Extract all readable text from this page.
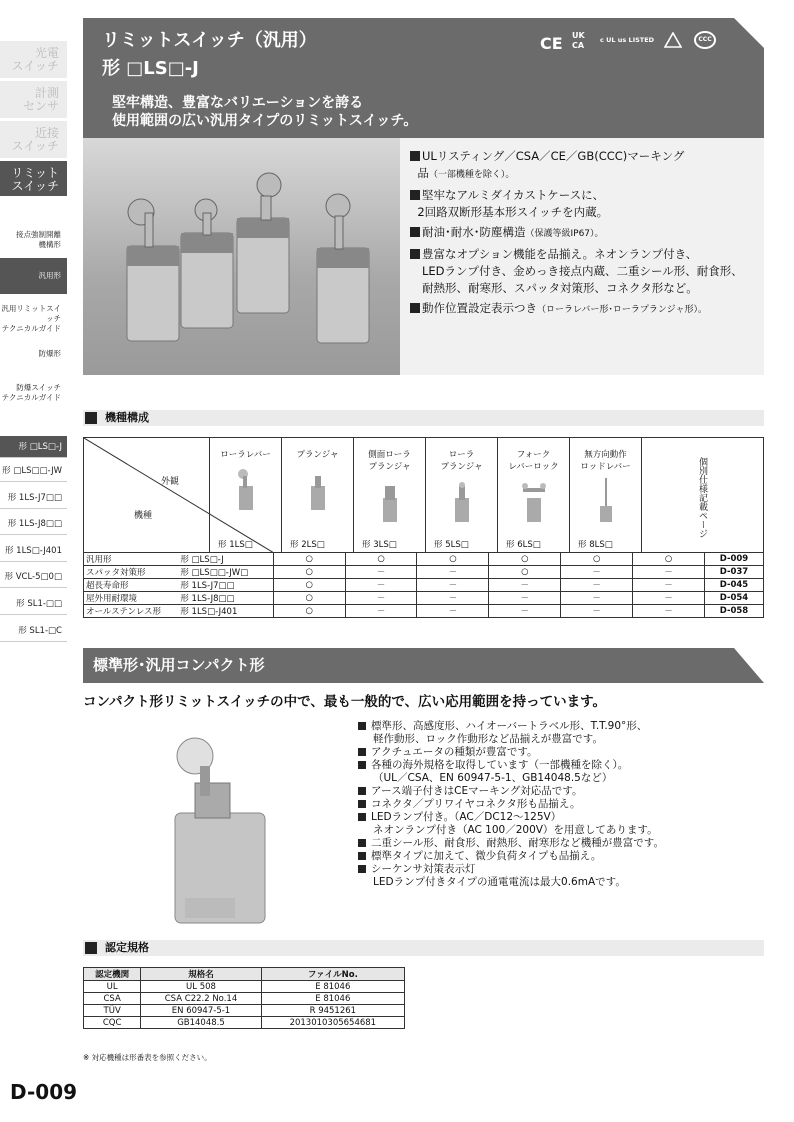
光電
スイッチ
計測
センサ
近接
スイッチ
リミット
スイッチ
接点強制開離
機構形
汎用形
汎用リミットスイッチ
テクニカルガイド
防爆形
防爆スイッチ
テクニカルガイド
形 □LS□-J
形 □LS□□-JW
形 1LS-J7□□
形 1LS-J8□□
形 1LS□-J401
形 VCL-5□0□
形 SL1-□□
形 SL1-□C
リミットスイッチ（汎用）
形 □LS□-J
堅牢構造、豊富なバリエーションを誇る
使用範囲の広い汎用タイプのリミットスイッチ。
CE UK CA
c UL us LISTED	CCC

ULリスティング／CSA／CE／GB(CCC)マーキング
品（一部機種を除く）。

堅牢なアルミダイカストケースに、
2回路双断形基本形スイッチを内蔵。

耐油･耐水･防塵構造（保護等級IP67）。

豊富なオプション機能を品揃え。ネオンランプ付き、

LEDランプ付き、金めっき接点内蔵、二重シール形、耐食形、耐熱形、耐寒形、スパッタ対策形、コネクタ形など。

動作位置設定表示つき（ローラレバー形･ローラプランジャ形）。

機種構成
外観
機種

ローラレバー
形 1LS□

プランジャ
形 2LS□

側面ローラ
プランジャ
形 3LS□

ローラ
プランジャ
形 5LS□

フォーク
レバーロック
形 6LS□

無方向動作
ロッドレバー
形 8LS□
	個別仕様記載ページ
汎用形	形 □LS□-J	○	○	○	○	○	○	D-009
スパッタ対策形	形 □LS□□-JW□	○	－	－	○	－	－	D-037
超長寿命形	形 1LS-J7□□	○	－	－	－	－	－	D-045
屋外用耐環境	形 1LS-J8□□	○	－	－	－	－	－	D-054
オールステンレス形	形 1LS□-J401	○	－	－	－	－	－	D-058
標準形･汎用コンパクト形
コンパクト形リミットスイッチの中で、最も一般的で、広い応用範囲を持っています。
標準形、高感度形、ハイオーバートラベル形、T.T.90°形、
軽作動形、ロック作動形など品揃えが豊富です。
アクチュエータの種類が豊富です。
各種の海外規格を取得しています（一部機種を除く）。
（UL／CSA、EN 60947-5-1、GB14048.5など）
アース端子付きはCEマーキング対応品です。
コネクタ／プリワイヤコネクタ形も品揃え。
LEDランプ付き。（AC／DC12～125V）
ネオンランプ付き（AC 100／200V）を用意してあります。
二重シール形、耐食形、耐熱形、耐寒形など機種が豊富です。
標準タイプに加えて、微少負荷タイプも品揃え。
シーケンサ対策表示灯
LEDランプ付きタイプの通電電流は最大0.6mAです。
認定規格
認定機関	規格名	ファイルNo.
UL	UL 508	E 81046
CSA	CSA C22.2 No.14	E 81046
TÜV	EN 60947-5-1	R 9451261
CQC	GB14048.5	2013010305654681
※ 対応機種は形番表を参照ください。
D-009
